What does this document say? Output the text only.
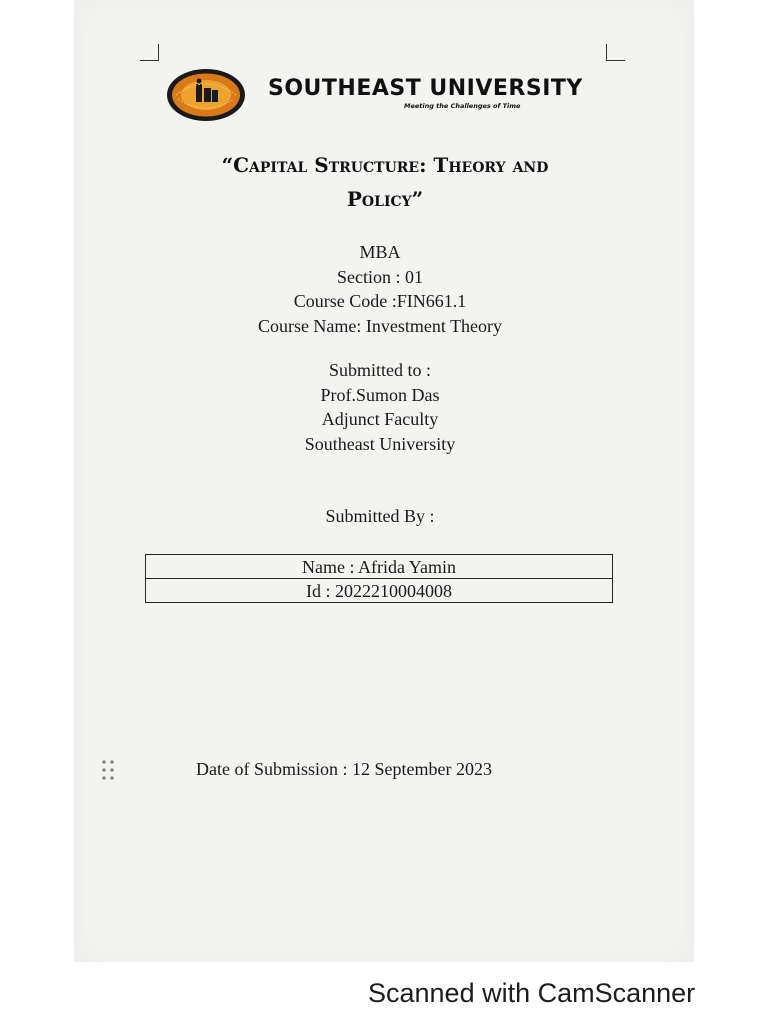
SOUTHEAST UNIVERSITY
Meeting the Challenges of Time
“Capital Structure: Theory and
Policy”
MBA
Section : 01
Course Code :FIN661.1
Course Name: Investment Theory
Submitted to :
Prof.Sumon Das
Adjunct Faculty
Southeast University
Submitted By :
Name : Afrida Yamin
Id : 2022210004008
Date of Submission : 12 September 2023
Scanned with CamScanner
